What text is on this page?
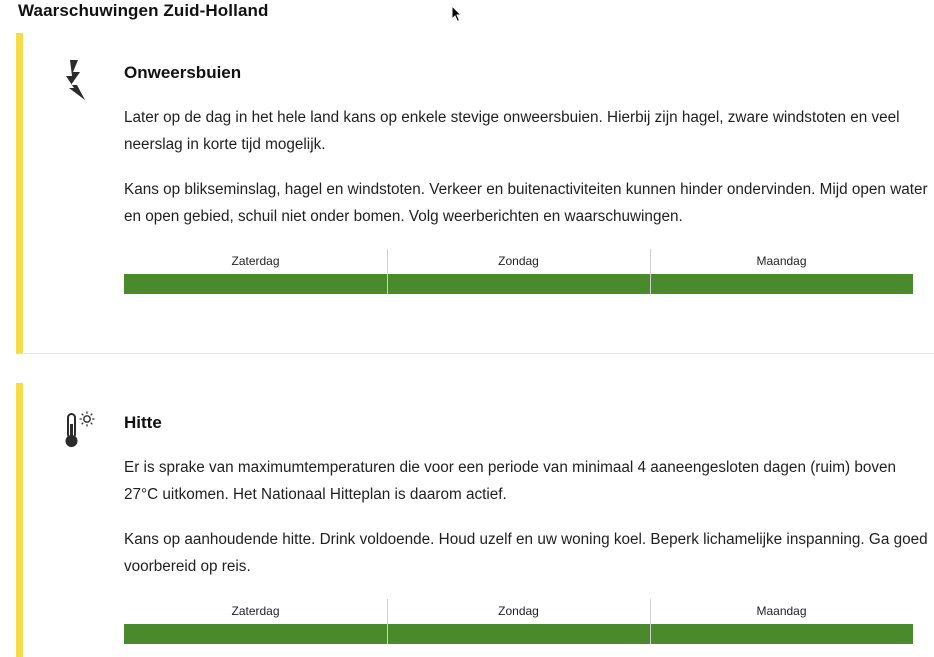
Waarschuwingen Zuid-Holland
Onweersbuien

Later op de dag in het hele land kans op enkele stevige onweersbuien. Hierbij zijn hagel, zware windstoten en veel neerslag in korte tijd mogelijk.

Kans op blikseminslag, hagel en windstoten. Verkeer en buitenactiviteiten kunnen hinder ondervinden. Mijd open water en open gebied, schuil niet onder bomen. Volg weerberichten en waarschuwingen.

Zaterdag	Zondag	Maandag
Hitte

Er is sprake van maximumtemperaturen die voor een periode van minimaal 4 aaneengesloten dagen (ruim) boven 27°C uitkomen. Het Nationaal Hitteplan is daarom actief.

Kans op aanhoudende hitte. Drink voldoende. Houd uzelf en uw woning koel. Beperk lichamelijke inspanning. Ga goed voorbereid op reis.

Zaterdag	Zondag	Maandag
